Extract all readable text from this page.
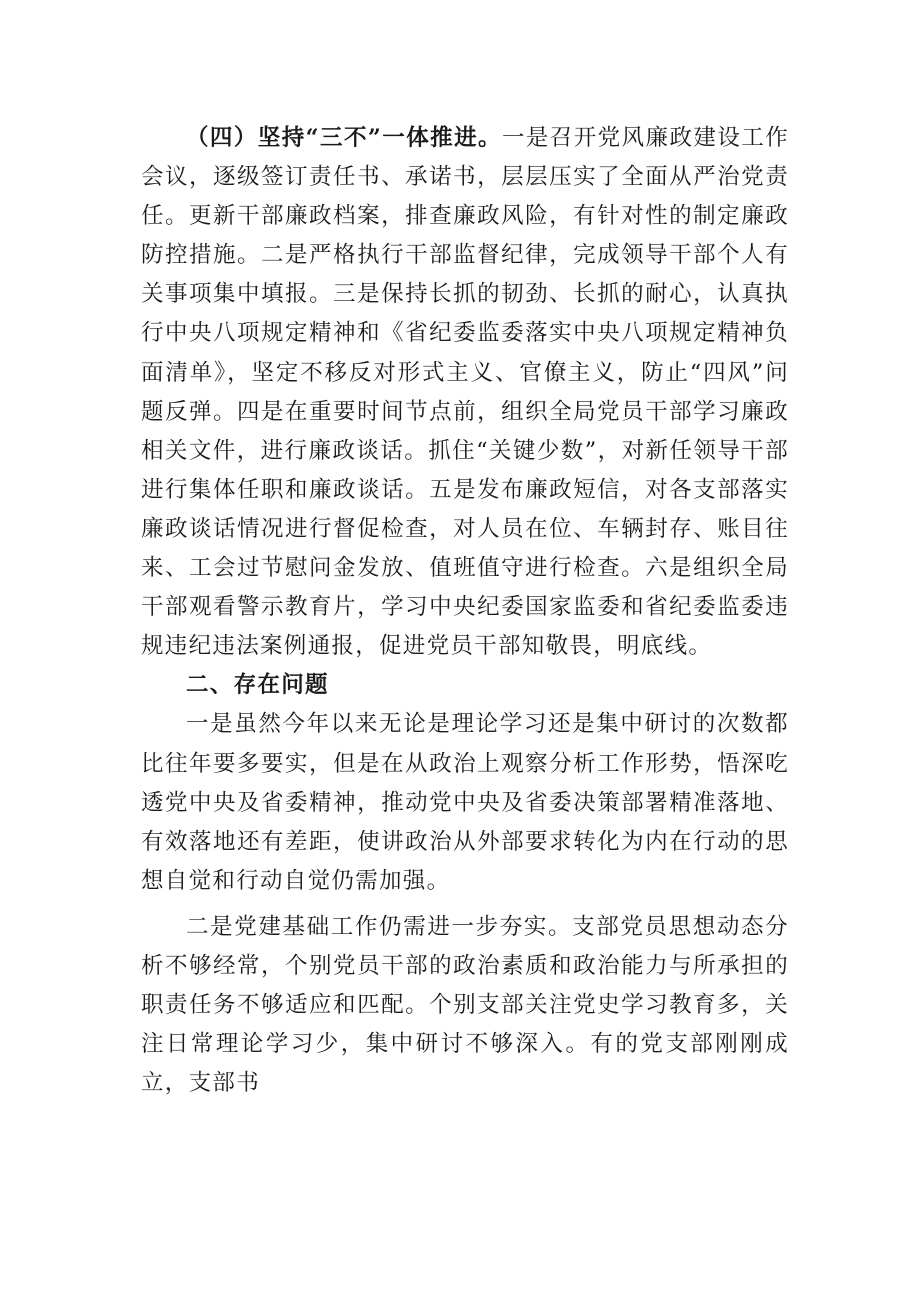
（四）坚持“三不”一体推进。一是召开党风廉政建设工作会议，逐级签订责任书、承诺书，层层压实了全面从严治党责任。更新干部廉政档案，排查廉政风险，有针对性的制定廉政防控措施。二是严格执行干部监督纪律，完成领导干部个人有关事项集中填报。三是保持长抓的韧劲、长抓的耐心，认真执行中央八项规定精神和《省纪委监委落实中央八项规定精神负面清单》，坚定不移反对形式主义、官僚主义，防止“四风”问题反弹。四是在重要时间节点前，组织全局党员干部学习廉政相关文件，进行廉政谈话。抓住“关键少数”，对新任领导干部进行集体任职和廉政谈话。五是发布廉政短信，对各支部落实廉政谈话情况进行督促检查，对人员在位、车辆封存、账目往来、工会过节慰问金发放、值班值守进行检查。六是组织全局干部观看警示教育片，学习中央纪委国家监委和省纪委监委违规违纪违法案例通报，促进党员干部知敬畏，明底线。

二、存在问题

一是虽然今年以来无论是理论学习还是集中研讨的次数都比往年要多要实，但是在从政治上观察分析工作形势，悟深吃透党中央及省委精神，推动党中央及省委决策部署精准落地、有效落地还有差距，使讲政治从外部要求转化为内在行动的思想自觉和行动自觉仍需加强。

二是党建基础工作仍需进一步夯实。支部党员思想动态分析不够经常，个别党员干部的政治素质和政治能力与所承担的职责任务不够适应和匹配。个别支部关注党史学习教育多，关注日常理论学习少，集中研讨不够深入。有的党支部刚刚成立，支部书
